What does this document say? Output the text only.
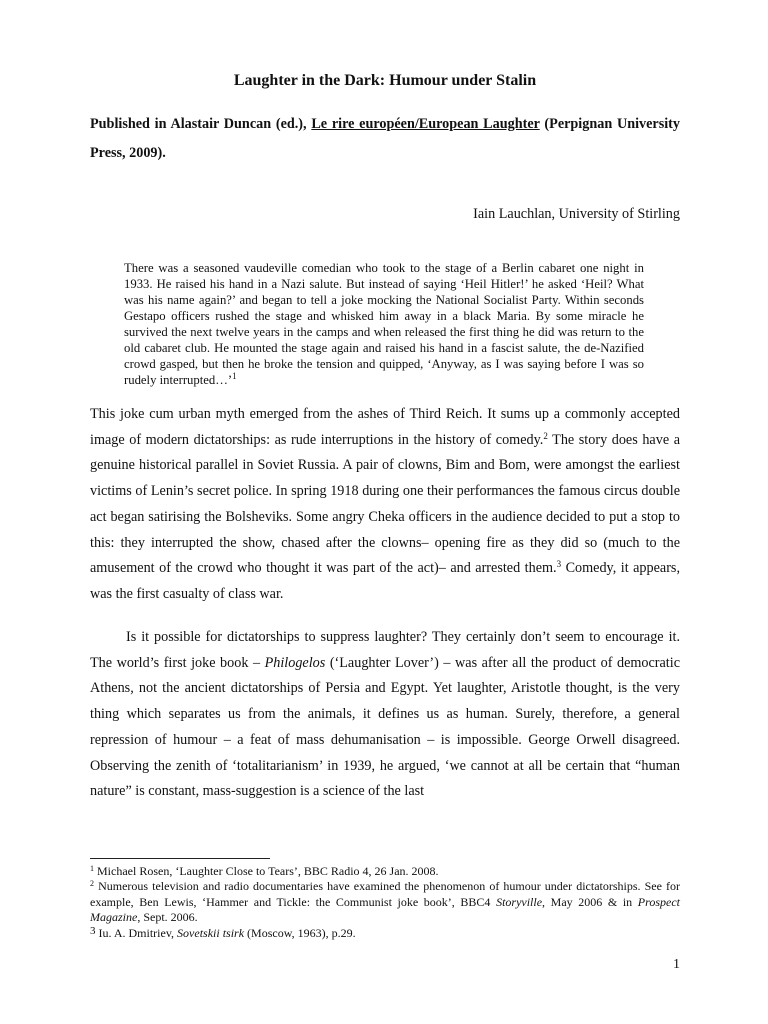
Laughter in the Dark: Humour under Stalin

Published in Alastair Duncan (ed.), Le rire européen/European Laughter (Perpignan University Press, 2009).

Iain Lauchlan, University of Stirling

There was a seasoned vaudeville comedian who took to the stage of a Berlin cabaret one night in 1933. He raised his hand in a Nazi salute. But instead of saying ‘Heil Hitler!’ he asked ‘Heil? What was his name again?’ and began to tell a joke mocking the National Socialist Party. Within seconds Gestapo officers rushed the stage and whisked him away in a black Maria. By some miracle he survived the next twelve years in the camps and when released the first thing he did was return to the old cabaret club. He mounted the stage again and raised his hand in a fascist salute, the de-Nazified crowd gasped, but then he broke the tension and quipped, ‘Anyway, as I was saying before I was so rudely interrupted…’$^1$

This joke cum urban myth emerged from the ashes of Third Reich. It sums up a commonly accepted image of modern dictatorships: as rude interruptions in the history of comedy.$^2$ The story does have a genuine historical parallel in Soviet Russia. A pair of clowns, Bim and Bom, were amongst the earliest victims of Lenin’s secret police. In spring 1918 during one their performances the famous circus double act began satirising the Bolsheviks. Some angry Cheka officers in the audience decided to put a stop to this: they interrupted the show, chased after the clowns– opening fire as they did so (much to the amusement of the crowd who thought it was part of the act)– and arrested them.$^3$ Comedy, it appears, was the first casualty of class war.

Is it possible for dictatorships to suppress laughter? They certainly don’t seem to encourage it. The world’s first joke book – Philogelos (‘Laughter Lover’) – was after all the product of democratic Athens, not the ancient dictatorships of Persia and Egypt. Yet laughter, Aristotle thought, is the very thing which separates us from the animals, it defines us as human. Surely, therefore, a general repression of humour – a feat of mass dehumanisation – is impossible. George Orwell disagreed. Observing the zenith of ‘totalitarianism’ in 1939, he argued, ‘we cannot at all be certain that “human nature” is constant, mass-suggestion is a science of the last

$^1$ Michael Rosen, ‘Laughter Close to Tears’, BBC Radio 4, 26 Jan. 2008.

$^2$ Numerous television and radio documentaries have examined the phenomenon of humour under dictatorships. See for example, Ben Lewis, ‘Hammer and Tickle: the Communist joke book’, BBC4 Storyville, May 2006 & in Prospect Magazine, Sept. 2006.

3 Iu. A. Dmitriev, Sovetskii tsirk (Moscow, 1963), p.29.

1
